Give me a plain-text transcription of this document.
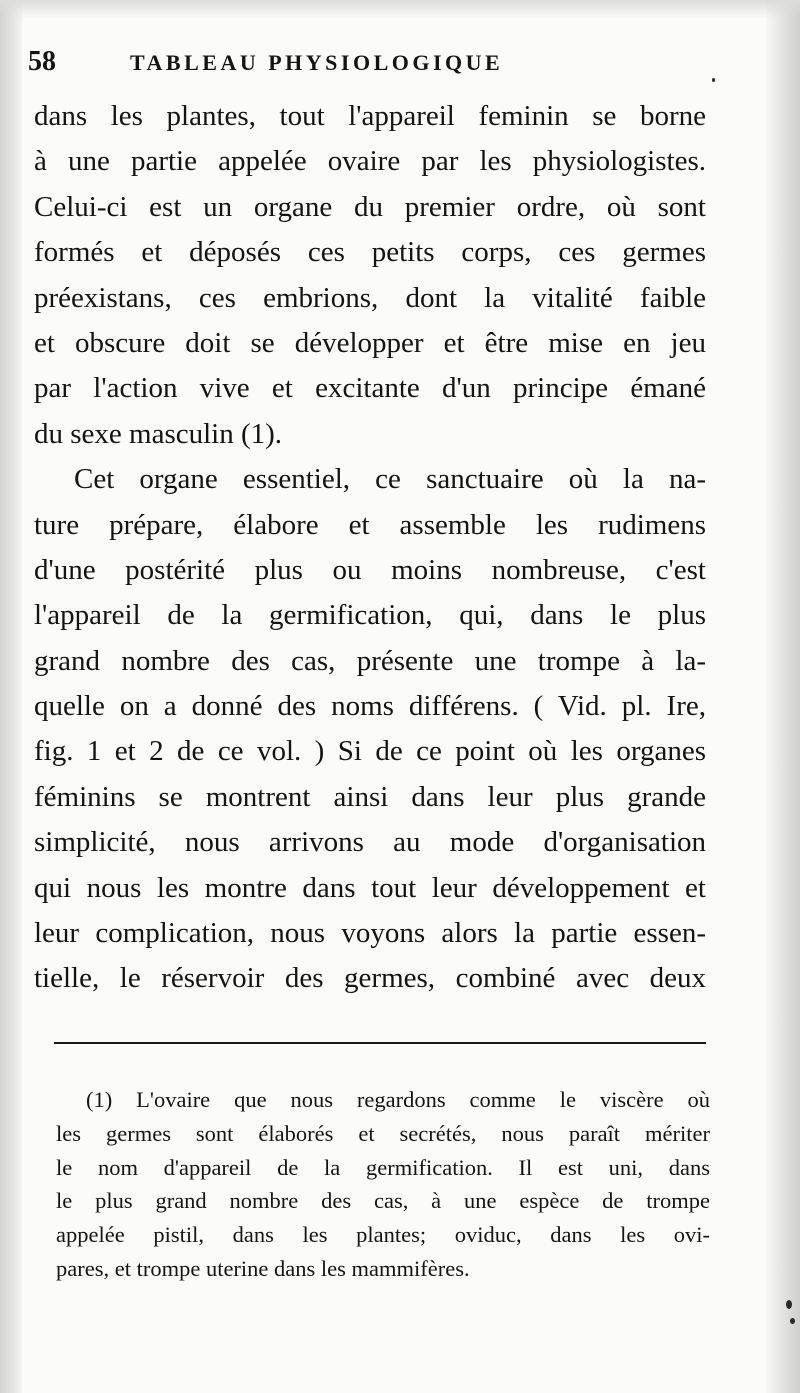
58	TABLEAU PHYSIOLOGIQUE
dans les plantes, tout l'appareil feminin se borne
à une partie appelée ovaire par les physiologistes.
Celui-ci est un organe du premier ordre, où sont
formés et déposés ces petits corps, ces germes
préexistans, ces embrions, dont la vitalité faible
et obscure doit se développer et être mise en jeu
par l'action vive et excitante d'un principe émané
du sexe masculin (1).
Cet organe essentiel, ce sanctuaire où la na-
ture prépare, élabore et assemble les rudimens
d'une postérité plus ou moins nombreuse, c'est
l'appareil de la germification, qui, dans le plus
grand nombre des cas, présente une trompe à la-
quelle on a donné des noms différens. ( Vid. pl. Ire,
fig. 1 et 2 de ce vol. ) Si de ce point où les organes
féminins se montrent ainsi dans leur plus grande
simplicité, nous arrivons au mode d'organisation
qui nous les montre dans tout leur développement et
leur complication, nous voyons alors la partie essen-
tielle, le réservoir des germes, combiné avec deux
(1) L'ovaire que nous regardons comme le viscère où
les germes sont élaborés et secrétés, nous paraît mériter
le nom d'appareil de la germification. Il est uni, dans
le plus grand nombre des cas, à une espèce de trompe
appelée pistil, dans les plantes; oviduc, dans les ovi-
pares, et trompe uterine dans les mammifères.
